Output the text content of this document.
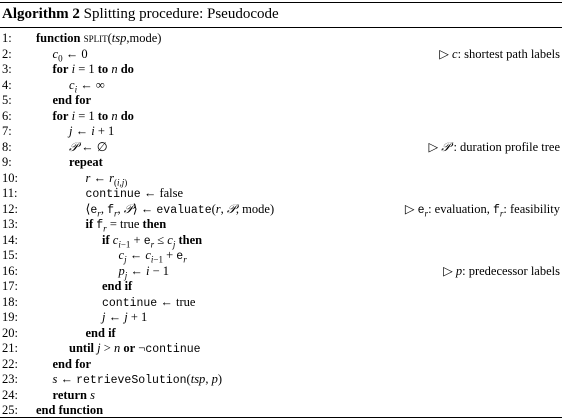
Algorithm 2 Splitting procedure: Pseudocode
1:	function split(tsp,mode)
2:	$c_0$ ← 0	▷ c: shortest path labels
3:	for i = 1 to n do
4:	$c_i$ ← ∞
5:	end for
6:	for i = 1 to n do
7:	j ← i + 1
8:	𝒫 ← ∅	▷ 𝒫 : duration profile tree
9:	repeat
10:	r ← $r_{(i,j)}$
11:	continue ← false
12:	$⟨e_r$, $f_r$, 𝒫⟩ ← evaluate(r, 𝒫, mode)	▷ $e_r$: evaluation, $f_r$: feasibility
13:	if $f_r$ = true then
14:	if $c_{i-1} + e_r \le c_j$ then
15:	$c_j$ ← $c_{i-1} + e_r$
16:	$p_j$ ← i − 1	▷ p: predecessor labels
17:	end if
18:	continue ← true
19:	j ← j + 1
20:	end if
21:	until j > n or ¬continue
22:	end for
23:	s ← retrieveSolution(tsp, p)
24:	return s
25:	end function
